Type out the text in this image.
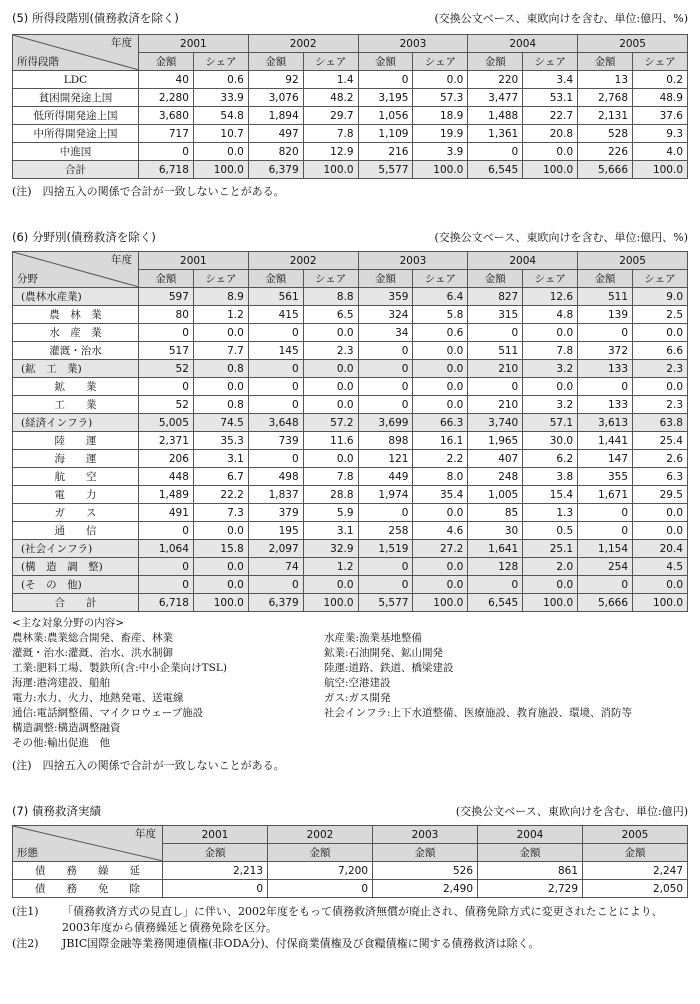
(5) 所得段階別(債務救済を除く)	(交換公文ベース、東欧向けを含む、単位:億円、%)
年度
所得段階	2001		2002		2003		2004		2005	
	金額	シェア	金額	シェア	金額	シェア	金額	シェア	金額	シェア
LDC	40	0.6	92	1.4	0	0.0	220	3.4	13	0.2
貧困開発途上国	2,280	33.9	3,076	48.2	3,195	57.3	3,477	53.1	2,768	48.9
低所得開発途上国	3,680	54.8	1,894	29.7	1,056	18.9	1,488	22.7	2,131	37.6
中所得開発途上国	717	10.7	497	7.8	1,109	19.9	1,361	20.8	528	9.3
中進国	0	0.0	820	12.9	216	3.9	0	0.0	226	4.0
合計	6,718	100.0	6,379	100.0	5,577	100.0	6,545	100.0	5,666	100.0
(注)　四捨五入の関係で合計が一致しないことがある。
(6) 分野別(債務救済を除く)	(交換公文ベース、東欧向けを含む、単位:億円、%)
年度
分野	2001		2002		2003		2004		2005	
	金額	シェア	金額	シェア	金額	シェア	金額	シェア	金額	シェア
(農林水産業)	597	8.9	561	8.8	359	6.4	827	12.6	511	9.0
農　林　業	80	1.2	415	6.5	324	5.8	315	4.8	139	2.5
水　産　業	0	0.0	0	0.0	34	0.6	0	0.0	0	0.0
灌漑・治水	517	7.7	145	2.3	0	0.0	511	7.8	372	6.6
(鉱　工　業)	52	0.8	0	0.0	0	0.0	210	3.2	133	2.3
鉱　　業	0	0.0	0	0.0	0	0.0	0	0.0	0	0.0
工　　業	52	0.8	0	0.0	0	0.0	210	3.2	133	2.3
(経済インフラ)	5,005	74.5	3,648	57.2	3,699	66.3	3,740	57.1	3,613	63.8
陸　　運	2,371	35.3	739	11.6	898	16.1	1,965	30.0	1,441	25.4
海　　運	206	3.1	0	0.0	121	2.2	407	6.2	147	2.6
航　　空	448	6.7	498	7.8	449	8.0	248	3.8	355	6.3
電　　力	1,489	22.2	1,837	28.8	1,974	35.4	1,005	15.4	1,671	29.5
ガ　　ス	491	7.3	379	5.9	0	0.0	85	1.3	0	0.0
通　　信	0	0.0	195	3.1	258	4.6	30	0.5	0	0.0
(社会インフラ)	1,064	15.8	2,097	32.9	1,519	27.2	1,641	25.1	1,154	20.4
(構　造　調　整)	0	0.0	74	1.2	0	0.0	128	2.0	254	4.5
(そ　の　他)	0	0.0	0	0.0	0	0.0	0	0.0	0	0.0
合　　計	6,718	100.0	6,379	100.0	5,577	100.0	6,545	100.0	5,666	100.0
<主な対象分野の内容>
農林業:農業総合開発、畜産、林業	水産業:漁業基地整備
灌漑・治水:灌漑、治水、洪水制御	鉱業:石油開発、鉱山開発
工業:肥料工場、製鉄所(含:中小企業向けTSL)	陸運:道路、鉄道、橋梁建設
海運:港湾建設、船舶	航空:空港建設
電力:水力、火力、地熱発電、送電線	ガス:ガス開発
通信:電話網整備、マイクロウェーブ施設	社会インフラ:上下水道整備、医療施設、教育施設、環境、消防等
構造調整:構造調整融資
その他:輸出促進　他
(注)　四捨五入の関係で合計が一致しないことがある。
(7) 債務救済実績	(交換公文ベース、東欧向けを含む、単位:億円)
年度
形態	2001	2002	2003	2004	2005
	金額	金額	金額	金額	金額
債　　務　　繰　　延	2,213	7,200	526	861	2,247
債　　務　　免　　除	0	0	2,490	2,729	2,050
(注1)	「債務救済方式の見直し」に伴い、2002年度をもって債務救済無償が廃止され、債務免除方式に変更されたことにより、2003年度から債務繰延と債務免除を区分。
(注2)	JBIC国際金融等業務関連債権(非ODA分)、付保商業債権及び食糧債権に関する債務救済は除く。
